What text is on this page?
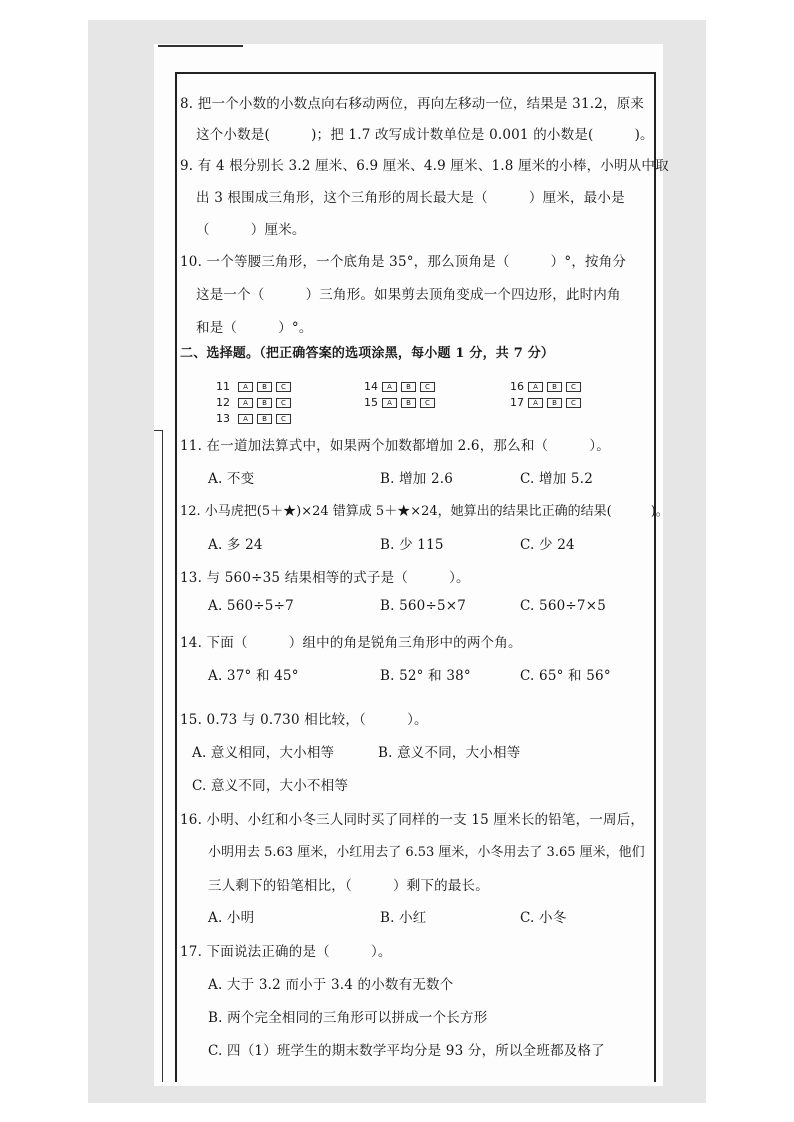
8. 把一个小数的小数点向右移动两位，再向左移动一位，结果是 31.2，原来
这个小数是(　　　)；把 1.7 改写成计数单位是 0.001 的小数是(　　　)。
9. 有 4 根分别长 3.2 厘米、6.9 厘米、4.9 厘米、1.8 厘米的小棒，小明从中取
出 3 根围成三角形，这个三角形的周长最大是（　　　）厘米，最小是
（　　　）厘米。
10. 一个等腰三角形，一个底角是 35°，那么顶角是（　　　）°，按角分
这是一个（　　　）三角形。如果剪去顶角变成一个四边形，此时内角
和是（　　　）°。
二、选择题。（把正确答案的选项涂黑，每小题 1 分，共 7 分）
11	A	B	C
12	A	B	C
13	A	B	C
14	A	B	C
15	A	B	C
16	A	B	C
17	A	B	C
11. 在一道加法算式中，如果两个加数都增加 2.6，那么和（　　　）。
A. 不变	B. 增加 2.6	C. 增加 5.2
12. 小马虎把(5＋★)×24 错算成 5＋★×24，她算出的结果比正确的结果(　　　)。
A. 多 24	B. 少 115	C. 少 24
13. 与 560÷35 结果相等的式子是（　　　）。
A. 560÷5÷7	B. 560÷5×7	C. 560÷7×5
14. 下面（　　　）组中的角是锐角三角形中的两个角。
A. 37° 和 45°	B. 52° 和 38°	C. 65° 和 56°
15. 0.73 与 0.730 相比较，（　　　）。
A. 意义相同，大小相等	B. 意义不同，大小相等
C. 意义不同，大小不相等
16. 小明、小红和小冬三人同时买了同样的一支 15 厘米长的铅笔，一周后，
小明用去 5.63 厘米，小红用去了 6.53 厘米，小冬用去了 3.65 厘米，他们
三人剩下的铅笔相比，（　　　）剩下的最长。
A. 小明	B. 小红	C. 小冬
17. 下面说法正确的是（　　　）。
A. 大于 3.2 而小于 3.4 的小数有无数个
B. 两个完全相同的三角形可以拼成一个长方形
C. 四（1）班学生的期末数学平均分是 93 分，所以全班都及格了
